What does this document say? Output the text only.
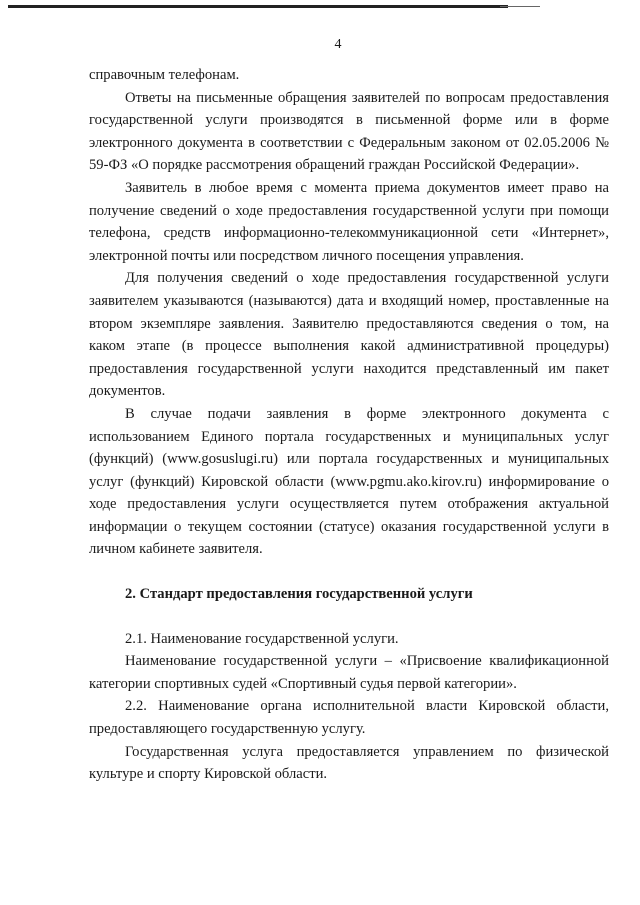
4

справочным телефонам.

Ответы на письменные обращения заявителей по вопросам предоставления государственной услуги производятся в письменной форме или в форме электронного документа в соответствии с Федеральным законом от 02.05.2006 № 59-ФЗ «О порядке рассмотрения обращений граждан Российской Федерации».

Заявитель в любое время с момента приема документов имеет право на получение сведений о ходе предоставления государственной услуги при помощи телефона, средств информационно-телекоммуникационной сети «Интернет», электронной почты или посредством личного посещения управления.

Для получения сведений о ходе предоставления государственной услуги заявителем указываются (называются) дата и входящий номер, проставленные на втором экземпляре заявления. Заявителю предоставляются сведения о том, на каком этапе (в процессе выполнения какой административной процедуры) предоставления государственной услуги находится представленный им пакет документов.

В случае подачи заявления в форме электронного документа с использованием Единого портала государственных и муниципальных услуг (функций) (www.gosuslugi.ru) или портала государственных и муниципальных услуг (функций) Кировской области (www.pgmu.ako.kirov.ru) информирование о ходе предоставления услуги осуществляется путем отображения актуальной информации о текущем состоянии (статусе) оказания государственной услуги в личном кабинете заявителя.

2. Стандарт предоставления государственной услуги

2.1. Наименование государственной услуги.

Наименование государственной услуги – «Присвоение квалификационной категории спортивных судей «Спортивный судья первой категории».

2.2. Наименование органа исполнительной власти Кировской области, предоставляющего государственную услугу.

Государственная услуга предоставляется управлением по физической культуре и спорту Кировской области.
